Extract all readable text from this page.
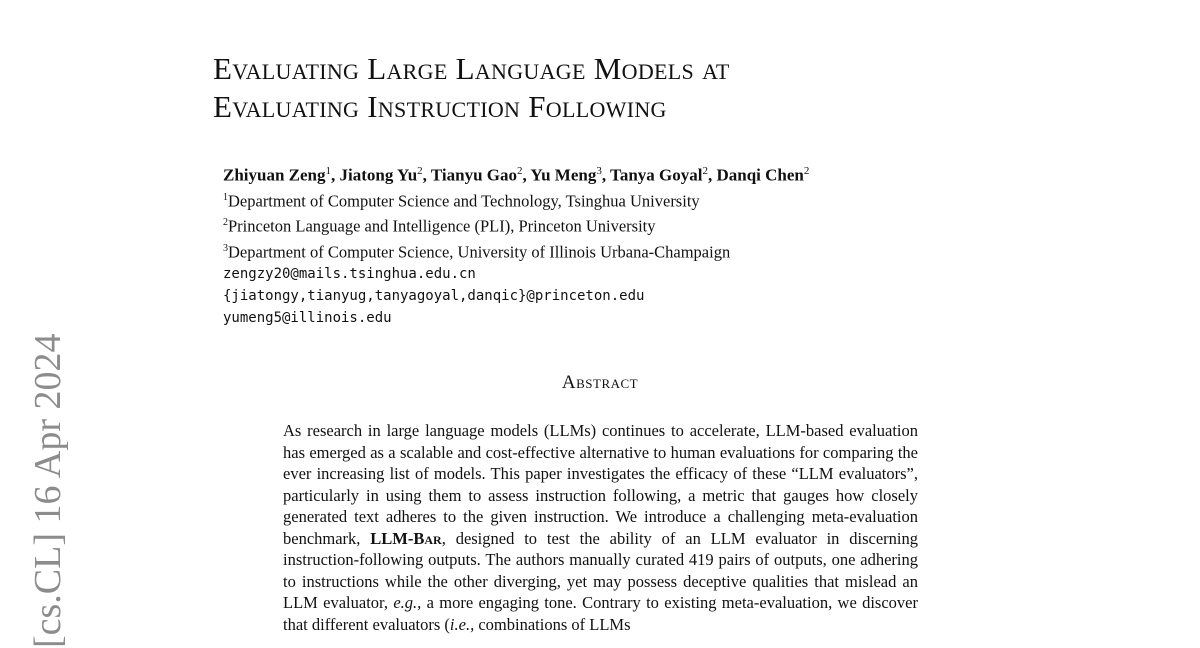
[cs.CL] 16 Apr 2024
Evaluating Large Language Models at
Evaluating Instruction Following
Zhiyuan Zeng$^1$, Jiatong Yu$^2$, Tianyu Gao$^2$, Yu Meng$^3$, Tanya Goyal$^2$, Danqi Chen$^2$
$^1$Department of Computer Science and Technology, Tsinghua University
$^2$Princeton Language and Intelligence (PLI), Princeton University
$^3$Department of Computer Science, University of Illinois Urbana-Champaign
zengzy20@mails.tsinghua.edu.cn
{jiatongy,tianyug,tanyagoyal,danqic}@princeton.edu
yumeng5@illinois.edu
Abstract
As research in large language models (LLMs) continues to accelerate, LLM-based evaluation has emerged as a scalable and cost-effective alternative to human evaluations for comparing the ever increasing list of models. This paper investigates the efficacy of these “LLM evaluators”, particularly in using them to assess instruction following, a metric that gauges how closely generated text adheres to the given instruction. We introduce a challenging meta-evaluation benchmark, LLM-Bar, designed to test the ability of an LLM evaluator in discerning instruction-following outputs. The authors manually curated 419 pairs of outputs, one adhering to instructions while the other diverging, yet may possess deceptive qualities that mislead an LLM evaluator, e.g., a more engaging tone. Contrary to existing meta-evaluation, we discover that different evaluators (i.e., combinations of LLMs
